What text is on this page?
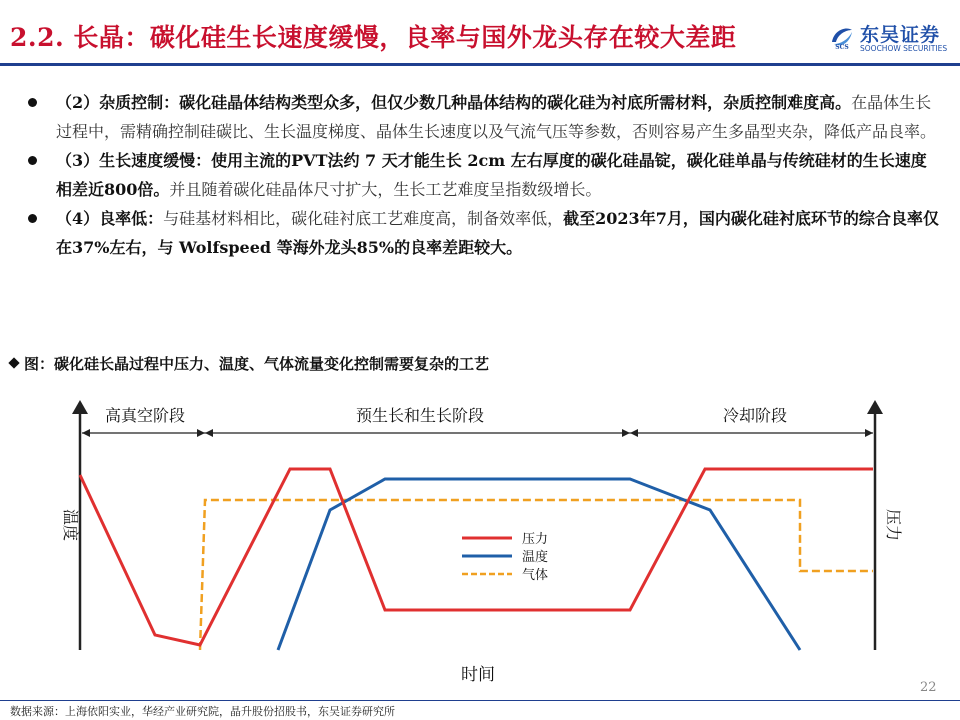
2.2. 长晶：碳化硅生长速度缓慢，良率与国外龙头存在较大差距	SCS
东吴证券
SOOCHOW SECURITIES
（2）杂质控制：碳化硅晶体结构类型众多，但仅少数几种晶体结构的碳化硅为衬底所需材料，杂质控制难度高。在晶体生长过程中，需精确控制硅碳比、生长温度梯度、晶体生长速度以及气流气压等参数，否则容易产生多晶型夹杂，降低产品良率。
（3）生长速度缓慢：使用主流的PVT法约 7 天才能生长 2cm 左右厚度的碳化硅晶锭，碳化硅单晶与传统硅材的生长速度相差近800倍。并且随着碳化硅晶体尺寸扩大，生长工艺难度呈指数级增长。
（4）良率低：与硅基材料相比，碳化硅衬底工艺难度高，制备效率低，截至2023年7月，国内碳化硅衬底环节的综合良率仅在37%左右，与 Wolfspeed 等海外龙头85%的良率差距较大。
图：碳化硅长晶过程中压力、温度、气体流量变化控制需要复杂的工艺
高真空阶段	预生长和生长阶段	冷却阶段
温度	压力
时间
压力
温度
气体
22
数据来源：上海依阳实业，华经产业研究院，晶升股份招股书，东吴证券研究所
